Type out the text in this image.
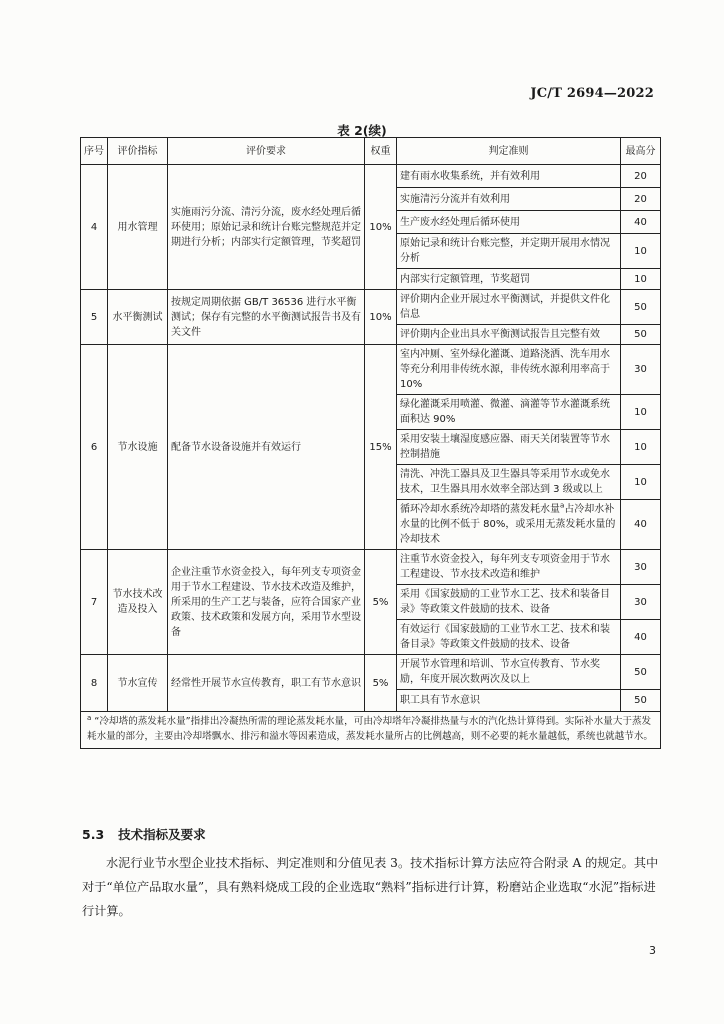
JC/T 2694—2022
表 2(续)
序号	评价指标	评价要求	权重	判定准则	最高分
4	用水管理	实施雨污分流、清污分流，废水经处理后循环使用；原始记录和统计台账完整规范并定期进行分析；内部实行定额管理，节奖超罚	10%	建有雨水收集系统，并有效利用	20
				实施清污分流并有效利用	20
				生产废水经处理后循环使用	40
				原始记录和统计台账完整，并定期开展用水情况分析	10
				内部实行定额管理，节奖超罚	10
5	水平衡测试	按规定周期依据 GB/T 36536 进行水平衡测试；保存有完整的水平衡测试报告书及有关文件	10%	评价期内企业开展过水平衡测试，并提供文件化信息	50
				评价期内企业出具水平衡测试报告且完整有效	50
6	节水设施	配备节水设备设施并有效运行	15%	室内冲厕、室外绿化灌溉、道路浇洒、洗车用水等充分利用非传统水源，非传统水源利用率高于10%	30
				绿化灌溉采用喷灌、微灌、滴灌等节水灌溉系统面积达 90%	10
				采用安装土壤湿度感应器、雨天关闭装置等节水控制措施	10
				清洗、冲洗工器具及卫生器具等采用节水或免水技术，卫生器具用水效率全部达到 3 级或以上	10
				循环冷却水系统冷却塔的蒸发耗水量$^a$占冷却水补水量的比例不低于 80%，或采用无蒸发耗水量的冷却技术	40
7	节水技术改造及投入	企业注重节水资金投入，每年列支专项资金用于节水工程建设、节水技术改造及维护，所采用的生产工艺与装备，应符合国家产业政策、技术政策和发展方向，采用节水型设备	5%	注重节水资金投入，每年列支专项资金用于节水工程建设、节水技术改造和维护	30
				采用《国家鼓励的工业节水工艺、技术和装备目录》等政策文件鼓励的技术、设备	30
				有效运行《国家鼓励的工业节水工艺、技术和装备目录》等政策文件鼓励的技术、设备	40
8	节水宣传	经常性开展节水宣传教育，职工有节水意识	5%	开展节水管理和培训、节水宣传教育、节水奖励，年度开展次数两次及以上	50
				职工具有节水意识	50
$^a$ “冷却塔的蒸发耗水量”指排出冷凝热所需的理论蒸发耗水量，可由冷却塔年冷凝排热量与水的汽化热计算得到。实际补水量大于蒸发耗水量的部分，主要由冷却塔飘水、排污和溢水等因素造成，蒸发耗水量所占的比例越高，则不必要的耗水量越低，系统也就越节水。					
5.3 技术指标及要求
水泥行业节水型企业技术指标、判定准则和分值见表 3。技术指标计算方法应符合附录 A 的规定。其中对于“单位产品取水量”，具有熟料烧成工段的企业选取“熟料”指标进行计算，粉磨站企业选取“水泥”指标进行计算。
3
